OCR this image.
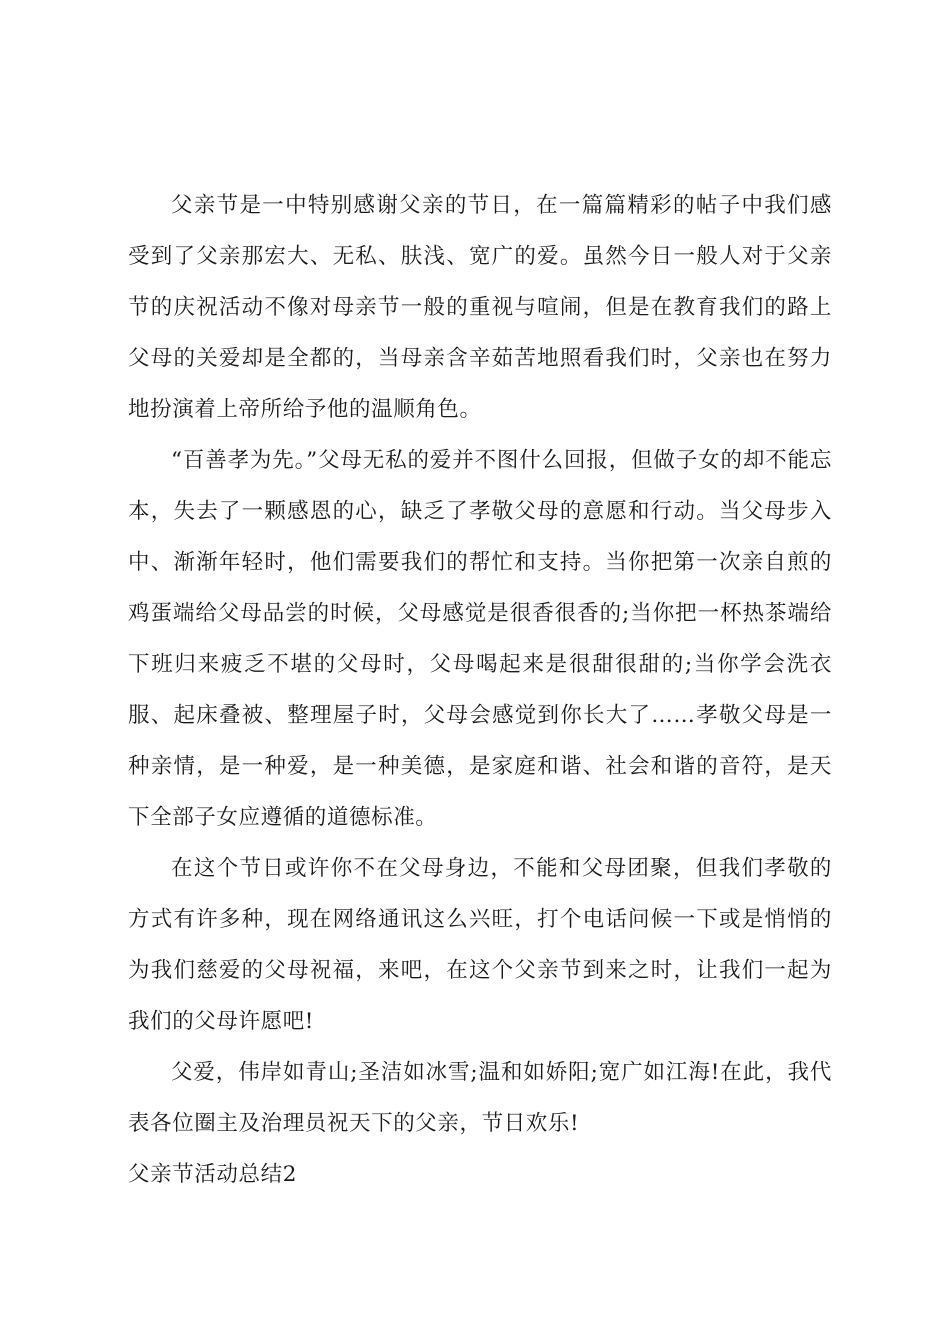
父亲节是一中特别感谢父亲的节日，在一篇篇精彩的帖子中我们感受到了父亲那宏大、无私、肤浅、宽广的爱。虽然今日一般人对于父亲节的庆祝活动不像对母亲节一般的重视与喧闹，但是在教育我们的路上父母的关爱却是全都的，当母亲含辛茹苦地照看我们时，父亲也在努力地扮演着上帝所给予他的温顺角色。

“百善孝为先。”父母无私的爱并不图什么回报，但做子女的却不能忘本，失去了一颗感恩的心，缺乏了孝敬父母的意愿和行动。当父母步入中、渐渐年轻时，他们需要我们的帮忙和支持。当你把第一次亲自煎的鸡蛋端给父母品尝的时候，父母感觉是很香很香的;当你把一杯热茶端给下班归来疲乏不堪的父母时，父母喝起来是很甜很甜的;当你学会洗衣服、起床叠被、整理屋子时，父母会感觉到你长大了……孝敬父母是一种亲情，是一种爱，是一种美德，是家庭和谐、社会和谐的音符，是天下全部子女应遵循的道德标准。

在这个节日或许你不在父母身边，不能和父母团聚，但我们孝敬的方式有许多种，现在网络通讯这么兴旺，打个电话问候一下或是悄悄的为我们慈爱的父母祝福，来吧，在这个父亲节到来之时，让我们一起为我们的父母许愿吧!

父爱，伟岸如青山;圣洁如冰雪;温和如娇阳;宽广如江海!在此，我代表各位圈主及治理员祝天下的父亲，节日欢乐!

父亲节活动总结2
